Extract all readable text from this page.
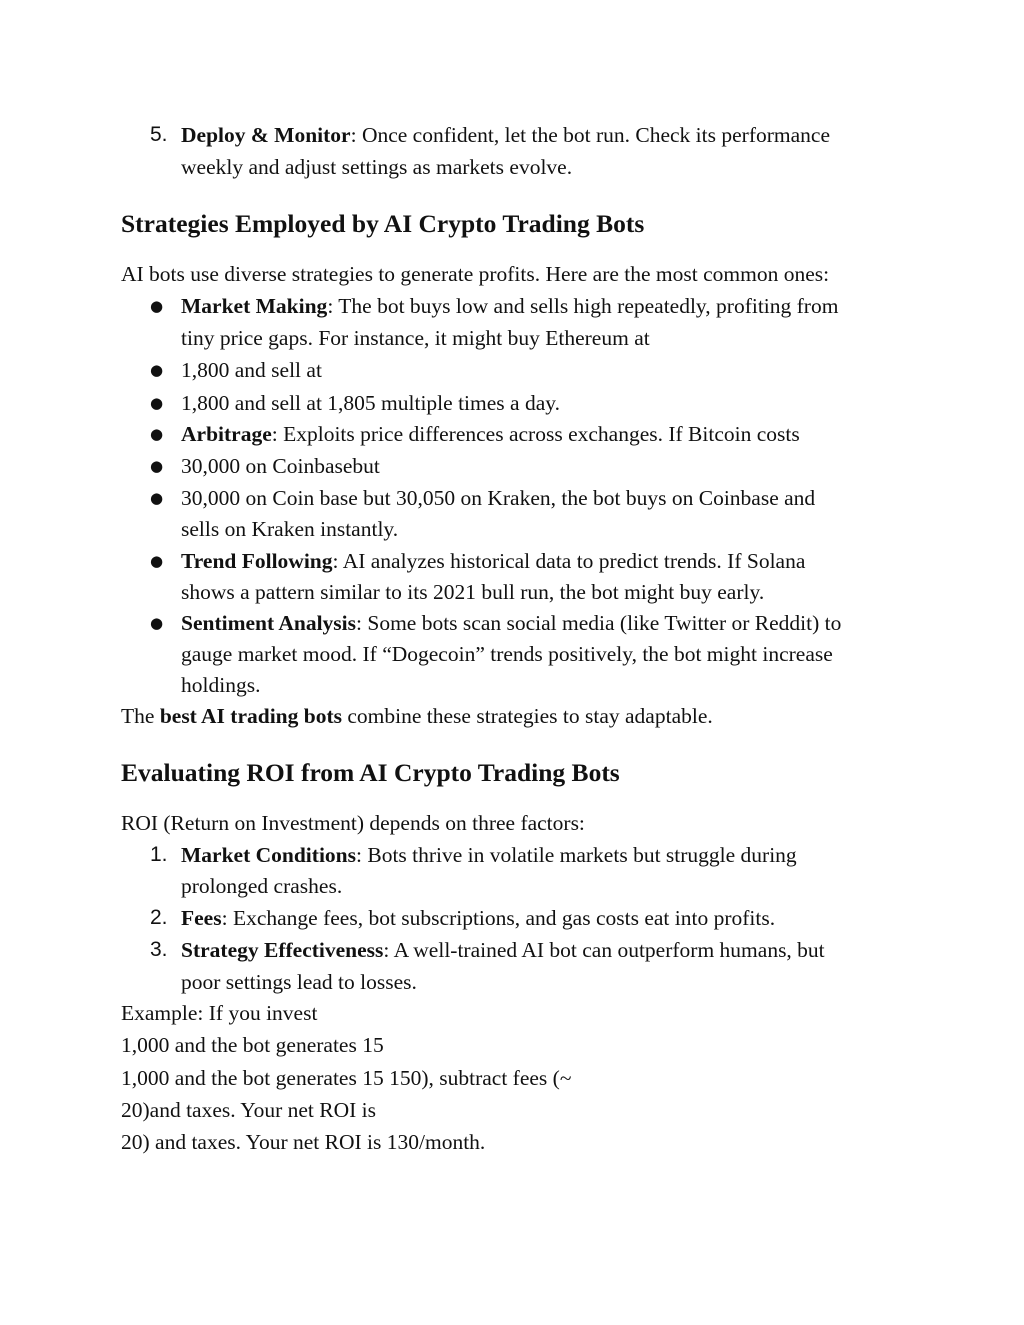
5. Deploy & Monitor: Once confident, let the bot run. Check its performance
weekly and adjust settings as markets evolve.
Strategies Employed by AI Crypto Trading Bots
AI bots use diverse strategies to generate profits. Here are the most common ones:
● Market Making: The bot buys low and sells high repeatedly, profiting from
tiny price gaps. For instance, it might buy Ethereum at
● 1,800 and sell at
● 1,800 and sell at 1,805 multiple times a day.
● Arbitrage: Exploits price differences across exchanges. If Bitcoin costs
● 30,000 on Coinbasebut
● 30,000 on Coin base but 30,050 on Kraken, the bot buys on Coinbase and
sells on Kraken instantly.
● Trend Following: AI analyzes historical data to predict trends. If Solana
shows a pattern similar to its 2021 bull run, the bot might buy early.
● Sentiment Analysis: Some bots scan social media (like Twitter or Reddit) to
gauge market mood. If “Dogecoin” trends positively, the bot might increase
holdings.
The best AI trading bots combine these strategies to stay adaptable.
Evaluating ROI from AI Crypto Trading Bots
ROI (Return on Investment) depends on three factors:
1. Market Conditions: Bots thrive in volatile markets but struggle during
prolonged crashes.
2. Fees: Exchange fees, bot subscriptions, and gas costs eat into profits.
3. Strategy Effectiveness: A well-trained AI bot can outperform humans, but
poor settings lead to losses.
Example: If you invest
1,000 and the bot generates 15
1,000 and the bot generates 15 150), subtract fees (~
20)and taxes. Your net ROI is
20) and taxes. Your net ROI is 130/month.
